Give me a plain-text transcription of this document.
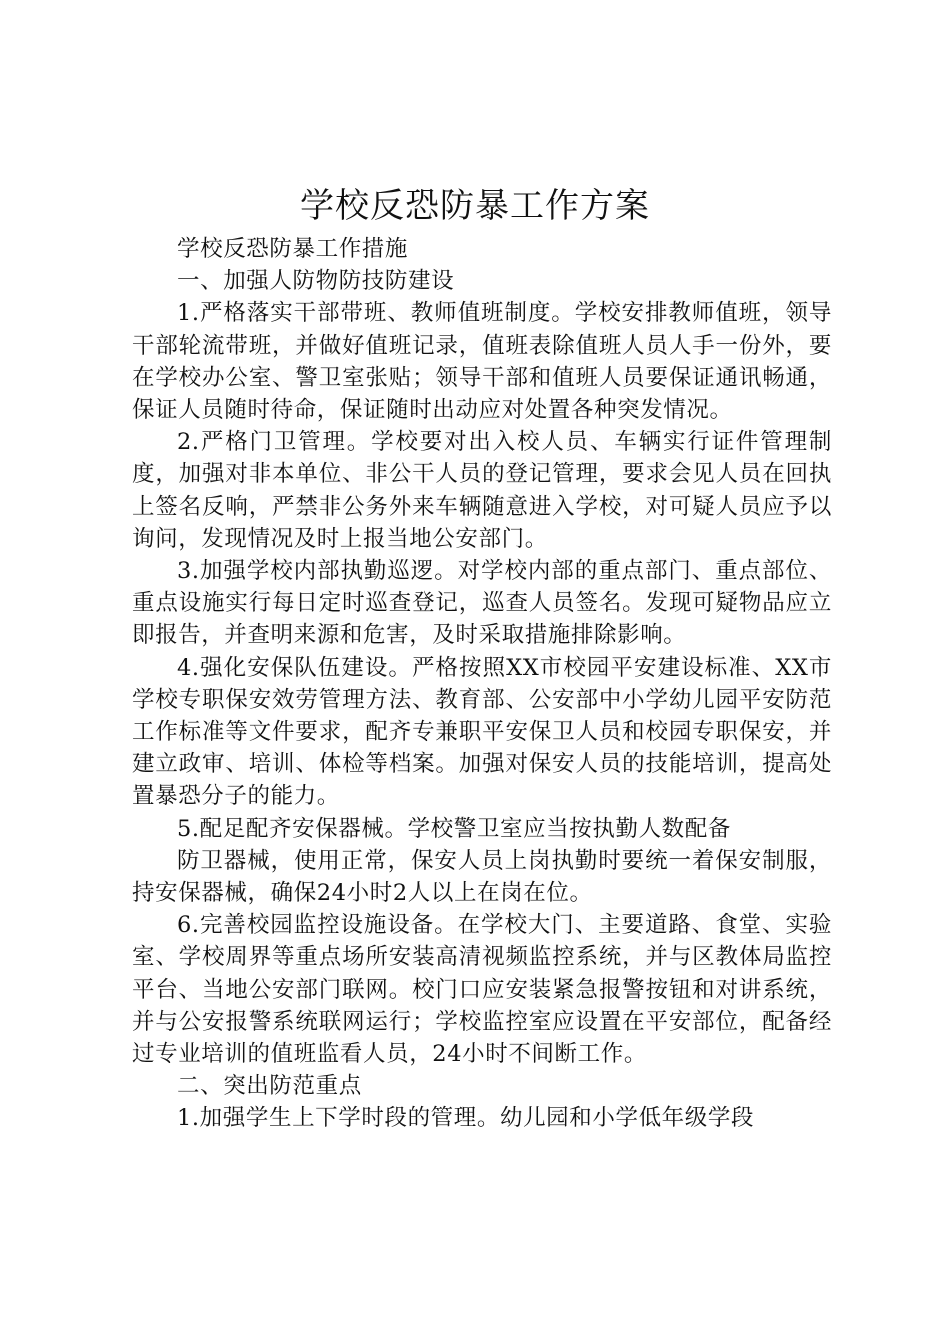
学校反恐防暴工作方案

学校反恐防暴工作措施

一、加强人防物防技防建设

1.严格落实干部带班、教师值班制度。学校安排教师值班，领导干部轮流带班，并做好值班记录，值班表除值班人员人手一份外，要在学校办公室、警卫室张贴；领导干部和值班人员要保证通讯畅通，保证人员随时待命，保证随时出动应对处置各种突发情况。

2.严格门卫管理。学校要对出入校人员、车辆实行证件管理制度，加强对非本单位、非公干人员的登记管理，要求会见人员在回执上签名反响，严禁非公务外来车辆随意进入学校，对可疑人员应予以询问，发现情况及时上报当地公安部门。

3.加强学校内部执勤巡逻。对学校内部的重点部门、重点部位、重点设施实行每日定时巡查登记，巡查人员签名。发现可疑物品应立即报告，并查明来源和危害，及时采取措施排除影响。

4.强化安保队伍建设。严格按照XX市校园平安建设标准、XX市学校专职保安效劳管理方法、教育部、公安部中小学幼儿园平安防范工作标准等文件要求，配齐专兼职平安保卫人员和校园专职保安，并建立政审、培训、体检等档案。加强对保安人员的技能培训，提高处置暴恐分子的能力。

5.配足配齐安保器械。学校警卫室应当按执勤人数配备

防卫器械，使用正常，保安人员上岗执勤时要统一着保安制服，持安保器械，确保24小时2人以上在岗在位。

6.完善校园监控设施设备。在学校大门、主要道路、食堂、实验室、学校周界等重点场所安装高清视频监控系统，并与区教体局监控平台、当地公安部门联网。校门口应安装紧急报警按钮和对讲系统，并与公安报警系统联网运行；学校监控室应设置在平安部位，配备经过专业培训的值班监看人员，24小时不间断工作。

二、突出防范重点

1.加强学生上下学时段的管理。幼儿园和小学低年级学段
